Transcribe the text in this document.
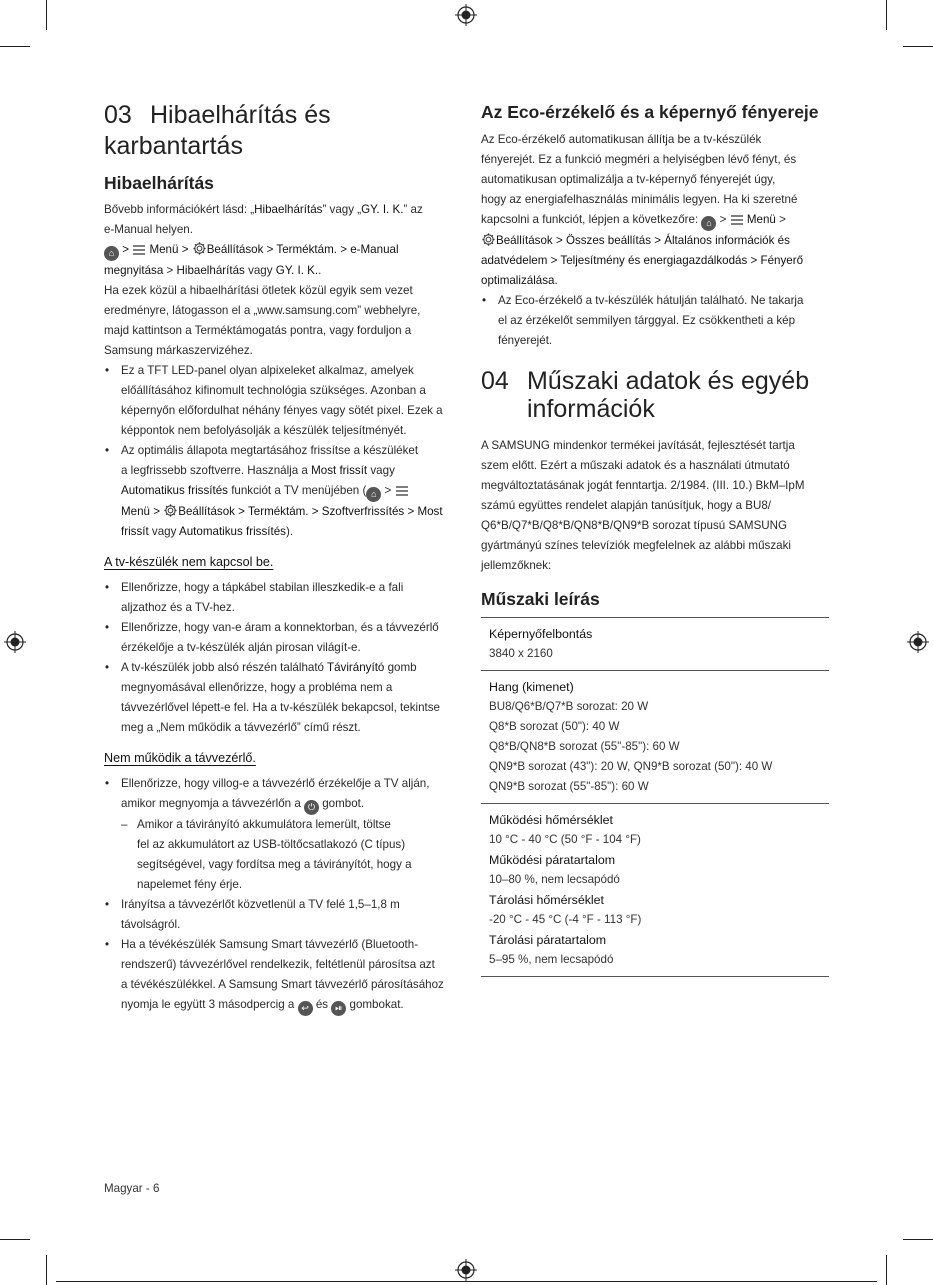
03 Hibaelhárítás és karbantartás
Hibaelhárítás

Bővebb információkért lásd: „Hibaelhárítás” vagy „GY. I. K.” az

e-Manual helyen.

⌂ >  Menü > Beállítások > Terméktám. > e-Manual

megnyitása > Hibaelhárítás vagy GY. I. K..

Ha ezek közül a hibaelhárítási ötletek közül egyik sem vezet

eredményre, látogasson el a „www.samsung.com” webhelyre,

majd kattintson a Terméktámogatás pontra, vagy forduljon a

Samsung márkaszervizéhez.

• Ez a TFT LED-panel olyan alpixeleket alkalmaz, amelyek
előállításához kifinomult technológia szükséges. Azonban a
képernyőn előfordulhat néhány fényes vagy sötét pixel. Ezek a
képpontok nem befolyásolják a készülék teljesítményét.
• Az optimális állapota megtartásához frissítse a készüléket
a legfrissebb szoftverre. Használja a Most frissít vagy
Automatikus frissítés funkciót a TV menüjében ( ⌂ >
Menü > Beállítások > Terméktám. > Szoftverfrissítés > Most
frissít vagy Automatikus frissítés).
A tv-készülék nem kapcsol be.
• Ellenőrizze, hogy a tápkábel stabilan illeszkedik-e a fali
aljzathoz és a TV-hez.
• Ellenőrizze, hogy van-e áram a konnektorban, és a távvezérlő
érzékelője a tv-készülék alján pirosan világít-e.
• A tv-készülék jobb alsó részén található Távirányító gomb
megnyomásával ellenőrizze, hogy a probléma nem a
távvezérlővel lépett-e fel. Ha a tv-készülék bekapcsol, tekintse
meg a „Nem működik a távvezérlő” című részt.
Nem működik a távvezérlő.
• Ellenőrizze, hogy villog-e a távvezérlő érzékelője a TV alján,
amikor megnyomja a távvezérlőn a ⏻ gombot.
– Amikor a távirányító akkumulátora lemerült, töltse
fel az akkumulátort az USB-töltőcsatlakozó (C típus)
segítségével, vagy fordítsa meg a távirányítót, hogy a
napelemet fény érje.
• Irányítsa a távvezérlőt közvetlenül a TV felé 1,5–1,8 m
távolságról.
• Ha a tévékészülék Samsung Smart távvezérlő (Bluetooth-
rendszerű) távvezérlővel rendelkezik, feltétlenül párosítsa azt
a tévékészülékkel. A Samsung Smart távvezérlő párosításához
nyomja le együtt 3 másodpercig a ↩ és ⏯ gombokat.
Az Eco-érzékelő és a képernyő fényereje

Az Eco-érzékelő automatikusan állítja be a tv-készülék

fényerejét. Ez a funkció megméri a helyiségben lévő fényt, és

automatikusan optimalizálja a tv-képernyő fényerejét úgy,

hogy az energiafelhasználás minimális legyen. Ha ki szeretné

kapcsolni a funkciót, lépjen a következőre: ⌂ >  Menü >

Beállítások > Összes beállítás > Általános információk és

adatvédelem > Teljesítmény és energiagazdálkodás > Fényerő

optimalizálása.

• Az Eco-érzékelő a tv-készülék hátulján található. Ne takarja
el az érzékelőt semmilyen tárggyal. Ez csökkentheti a kép
fényerejét.
04 Műszaki adatok és egyéb
információk

A SAMSUNG mindenkor termékei javítását, fejlesztését tartja

szem előtt. Ezért a műszaki adatok és a használati útmutató

megváltoztatásának jogát fenntartja. 2/1984. (III. 10.) BkM–IpM

számú együttes rendelet alapján tanúsítjuk, hogy a BU8/

Q6*B/Q7*B/Q8*B/QN8*B/QN9*B sorozat típusú SAMSUNG

gyártmányú színes televíziók megfelelnek az alábbi műszaki

jellemzőknek:

Műszaki leírás
Képernyőfelbontás
3840 x 2160
Hang (kimenet)
BU8/Q6*B/Q7*B sorozat: 20 W
Q8*B sorozat (50"): 40 W
Q8*B/QN8*B sorozat (55"-85"): 60 W
QN9*B sorozat (43"): 20 W, QN9*B sorozat (50"): 40 W
QN9*B sorozat (55"-85"): 60 W
Működési hőmérséklet
10 °C - 40 °C (50 °F - 104 °F)
Működési páratartalom
10–80 %, nem lecsapódó
Tárolási hőmérséklet
-20 °C - 45 °C (-4 °F - 113 °F)
Tárolási páratartalom
5–95 %, nem lecsapódó
Magyar - 6
